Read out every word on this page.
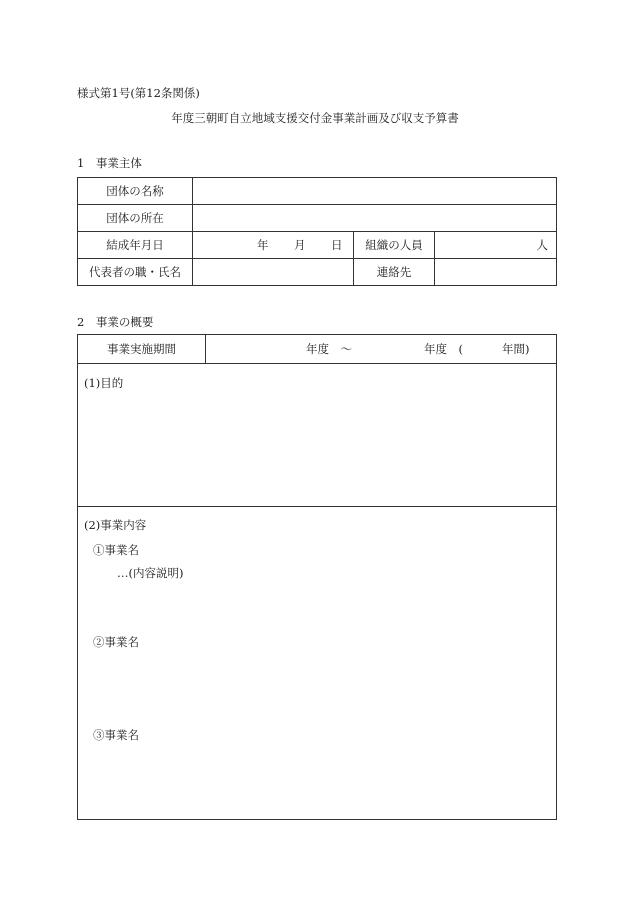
様式第1号(第12条関係)
年度三朝町自立地域支援交付金事業計画及び収支予算書
1　事業主体
団体の名称			
団体の所在			
結成年月日	年 月 日	組織の人員	人
代表者の職・氏名		連絡先	
2　事業の概要
事業実施期間	年度　〜	年度　(	年間)

(1)目的

(2)事業内容
①事業名
…(内容説明)
②事業名
③事業名
